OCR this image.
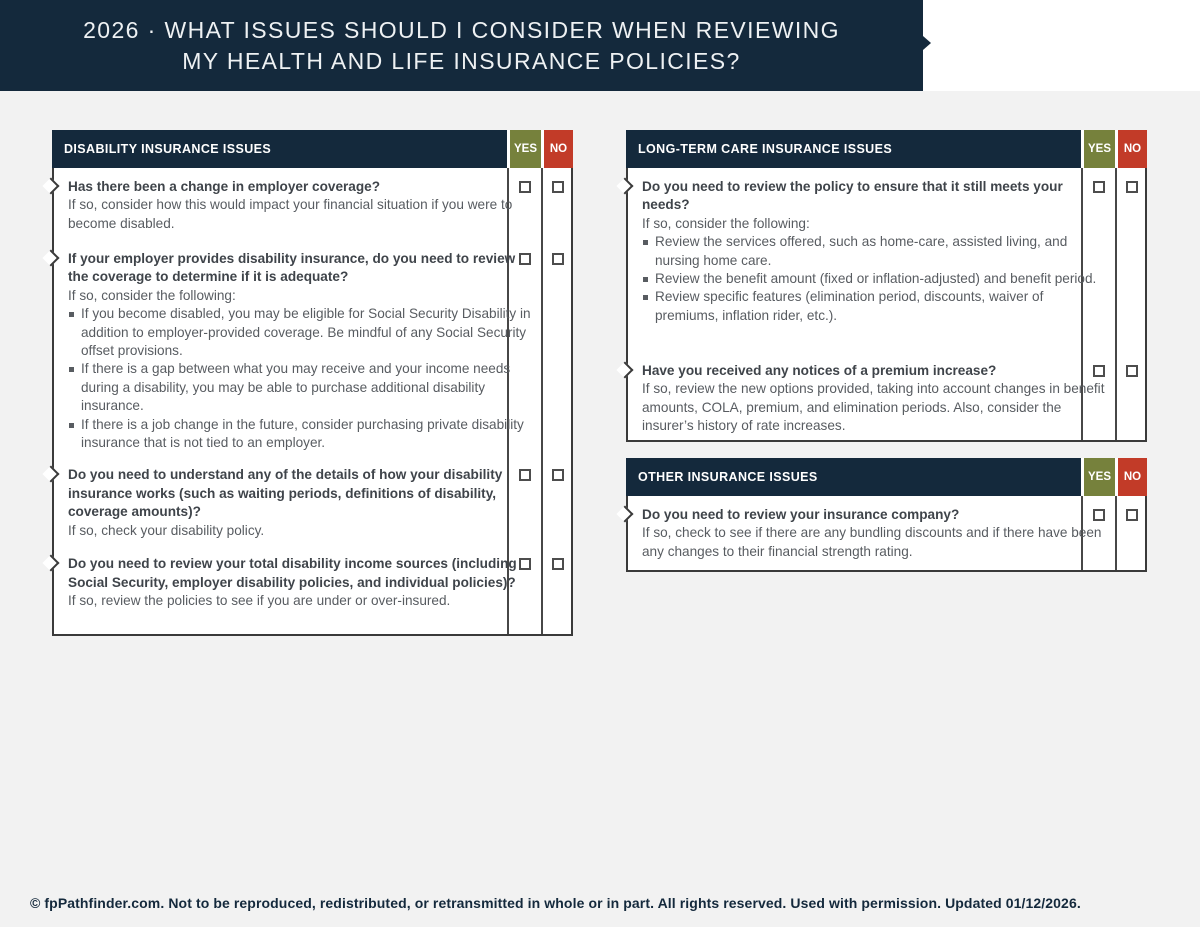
2026 · WHAT ISSUES SHOULD I CONSIDER WHEN REVIEWING
MY HEALTH AND LIFE INSURANCE POLICIES?
DISABILITY INSURANCE ISSUES	YES	NO
Has there been a change in employer coverage?
If so, consider how this would impact your financial situation if you were to become disabled.
If your employer provides disability insurance, do you need to review the coverage to determine if it is adequate?
If so, consider the following:
If you become disabled, you may be eligible for Social Security Disability in addition to employer-provided coverage. Be mindful of any Social Security offset provisions.
If there is a gap between what you may receive and your income needs during a disability, you may be able to purchase additional disability insurance.
If there is a job change in the future, consider purchasing private disability insurance that is not tied to an employer.
Do you need to understand any of the details of how your disability insurance works (such as waiting periods, definitions of disability, coverage amounts)?
If so, check your disability policy.
Do you need to review your total disability income sources (including Social Security, employer disability policies, and individual policies)?
If so, review the policies to see if you are under or over-insured.
LONG-TERM CARE INSURANCE ISSUES	YES	NO
Do you need to review the policy to ensure that it still meets your needs?
If so, consider the following:
Review the services offered, such as home-care, assisted living, and nursing home care.
Review the benefit amount (fixed or inflation-adjusted) and benefit period.
Review specific features (elimination period, discounts, waiver of premiums, inflation rider, etc.).
Have you received any notices of a premium increase?
If so, review the new options provided, taking into account changes in benefit amounts, COLA, premium, and elimination periods. Also, consider the insurer’s history of rate increases.
OTHER INSURANCE ISSUES	YES	NO
Do you need to review your insurance company?
If so, check to see if there are any bundling discounts and if there have been any changes to their financial strength rating.
© fpPathfinder.com. Not to be reproduced, redistributed, or retransmitted in whole or in part. All rights reserved. Used with permission. Updated 01/12/2026.
